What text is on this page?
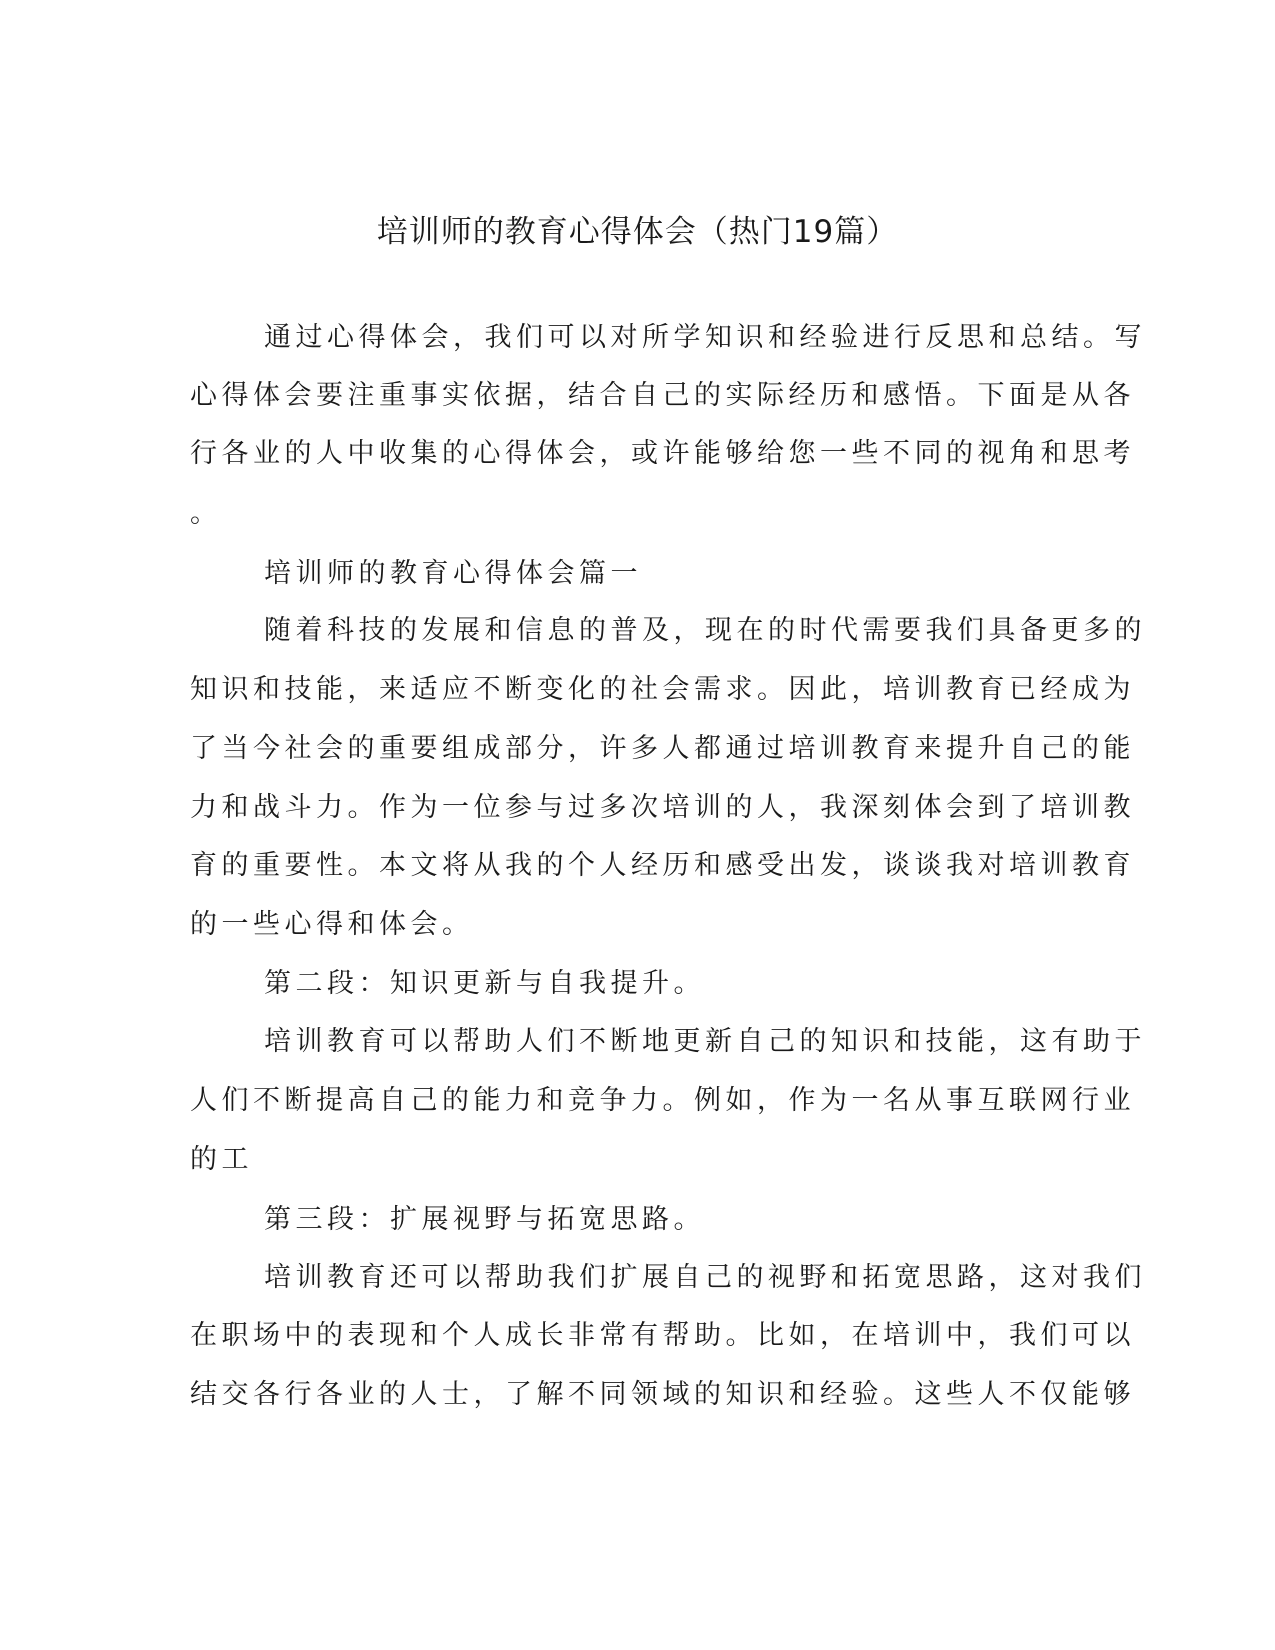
培训师的教育心得体会（热门19篇）
通过心得体会，我们可以对所学知识和经验进行反思和总结。写
心得体会要注重事实依据，结合自己的实际经历和感悟。下面是从各
行各业的人中收集的心得体会，或许能够给您一些不同的视角和思考
。
培训师的教育心得体会篇一
随着科技的发展和信息的普及，现在的时代需要我们具备更多的
知识和技能，来适应不断变化的社会需求。因此，培训教育已经成为
了当今社会的重要组成部分，许多人都通过培训教育来提升自己的能
力和战斗力。作为一位参与过多次培训的人，我深刻体会到了培训教
育的重要性。本文将从我的个人经历和感受出发，谈谈我对培训教育
的一些心得和体会。
第二段：知识更新与自我提升。
培训教育可以帮助人们不断地更新自己的知识和技能，这有助于
人们不断提高自己的能力和竞争力。例如，作为一名从事互联网行业
的工
第三段：扩展视野与拓宽思路。
培训教育还可以帮助我们扩展自己的视野和拓宽思路，这对我们
在职场中的表现和个人成长非常有帮助。比如，在培训中，我们可以
结交各行各业的人士，了解不同领域的知识和经验。这些人不仅能够
